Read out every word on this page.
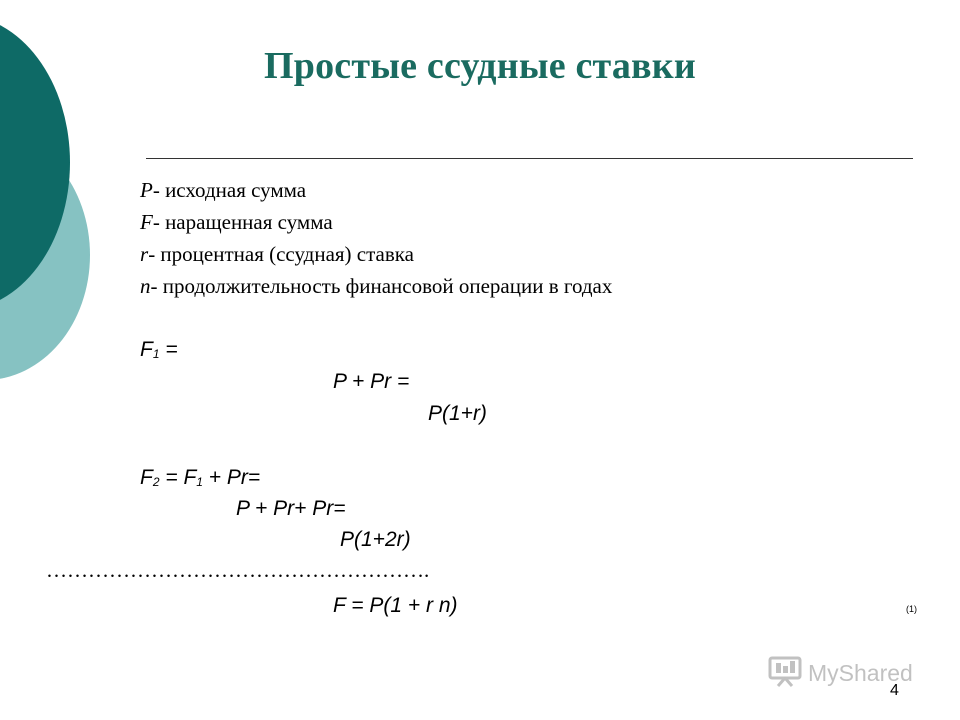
Простые ссудные ставки
P- исходная сумма
F- наращенная сумма
r- процентная (ссудная) ставка
n- продолжительность финансовой операции в годах
$F_1$ =
P + Pr =
P(1+r)
$F_2 = F_1 + Pr=$
P + Pr+ Pr=
P(1+2r)
……………………………………………….
F = P(1 + r n)	(1)
MyShared
4
